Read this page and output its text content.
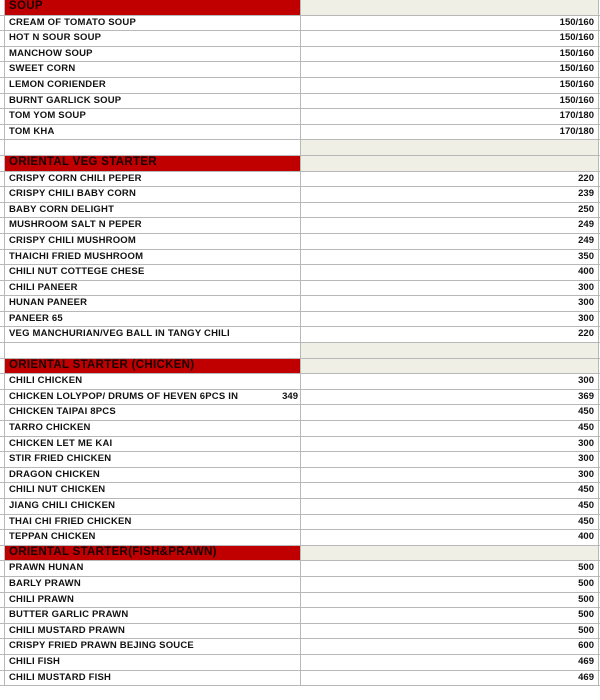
SOUP
CREAM OF TOMATO SOUP	150/160
HOT N SOUR SOUP	150/160
MANCHOW SOUP	150/160
SWEET CORN	150/160
LEMON CORIENDER	150/160
BURNT GARLICK SOUP	150/160
TOM YOM SOUP	170/180
TOM KHA	170/180
ORIENTAL VEG STARTER
CRISPY CORN CHILI PEPER	220
CRISPY CHILI BABY CORN	239
BABY CORN DELIGHT	250
MUSHROOM SALT N PEPER	249
CRISPY CHILI MUSHROOM	249
THAICHI FRIED MUSHROOM	350
CHILI NUT COTTEGE CHESE	400
CHILI PANEER	300
HUNAN PANEER	300
PANEER 65	300
VEG MANCHURIAN/VEG BALL IN TANGY CHILI	220
ORIENTAL STARTER (CHICKEN)
CHILI CHICKEN	300
CHICKEN LOLYPOP/ DRUMS OF HEVEN 6PCS IN	349	369
CHICKEN TAIPAI 8PCS	450
TARRO CHICKEN	450
CHICKEN LET ME KAI	300
STIR FRIED CHICKEN	300
DRAGON CHICKEN	300
CHILI NUT CHICKEN	450
JIANG CHILI CHICKEN	450
THAI CHI FRIED CHICKEN	450
TEPPAN CHICKEN	400
ORIENTAL STARTER(FISH&PRAWN)
PRAWN HUNAN	500
BARLY PRAWN	500
CHILI PRAWN	500
BUTTER GARLIC PRAWN	500
CHILI MUSTARD PRAWN	500
CRISPY FRIED PRAWN BEJING SOUCE	600
CHILI FISH	469
CHILI MUSTARD FISH	469
